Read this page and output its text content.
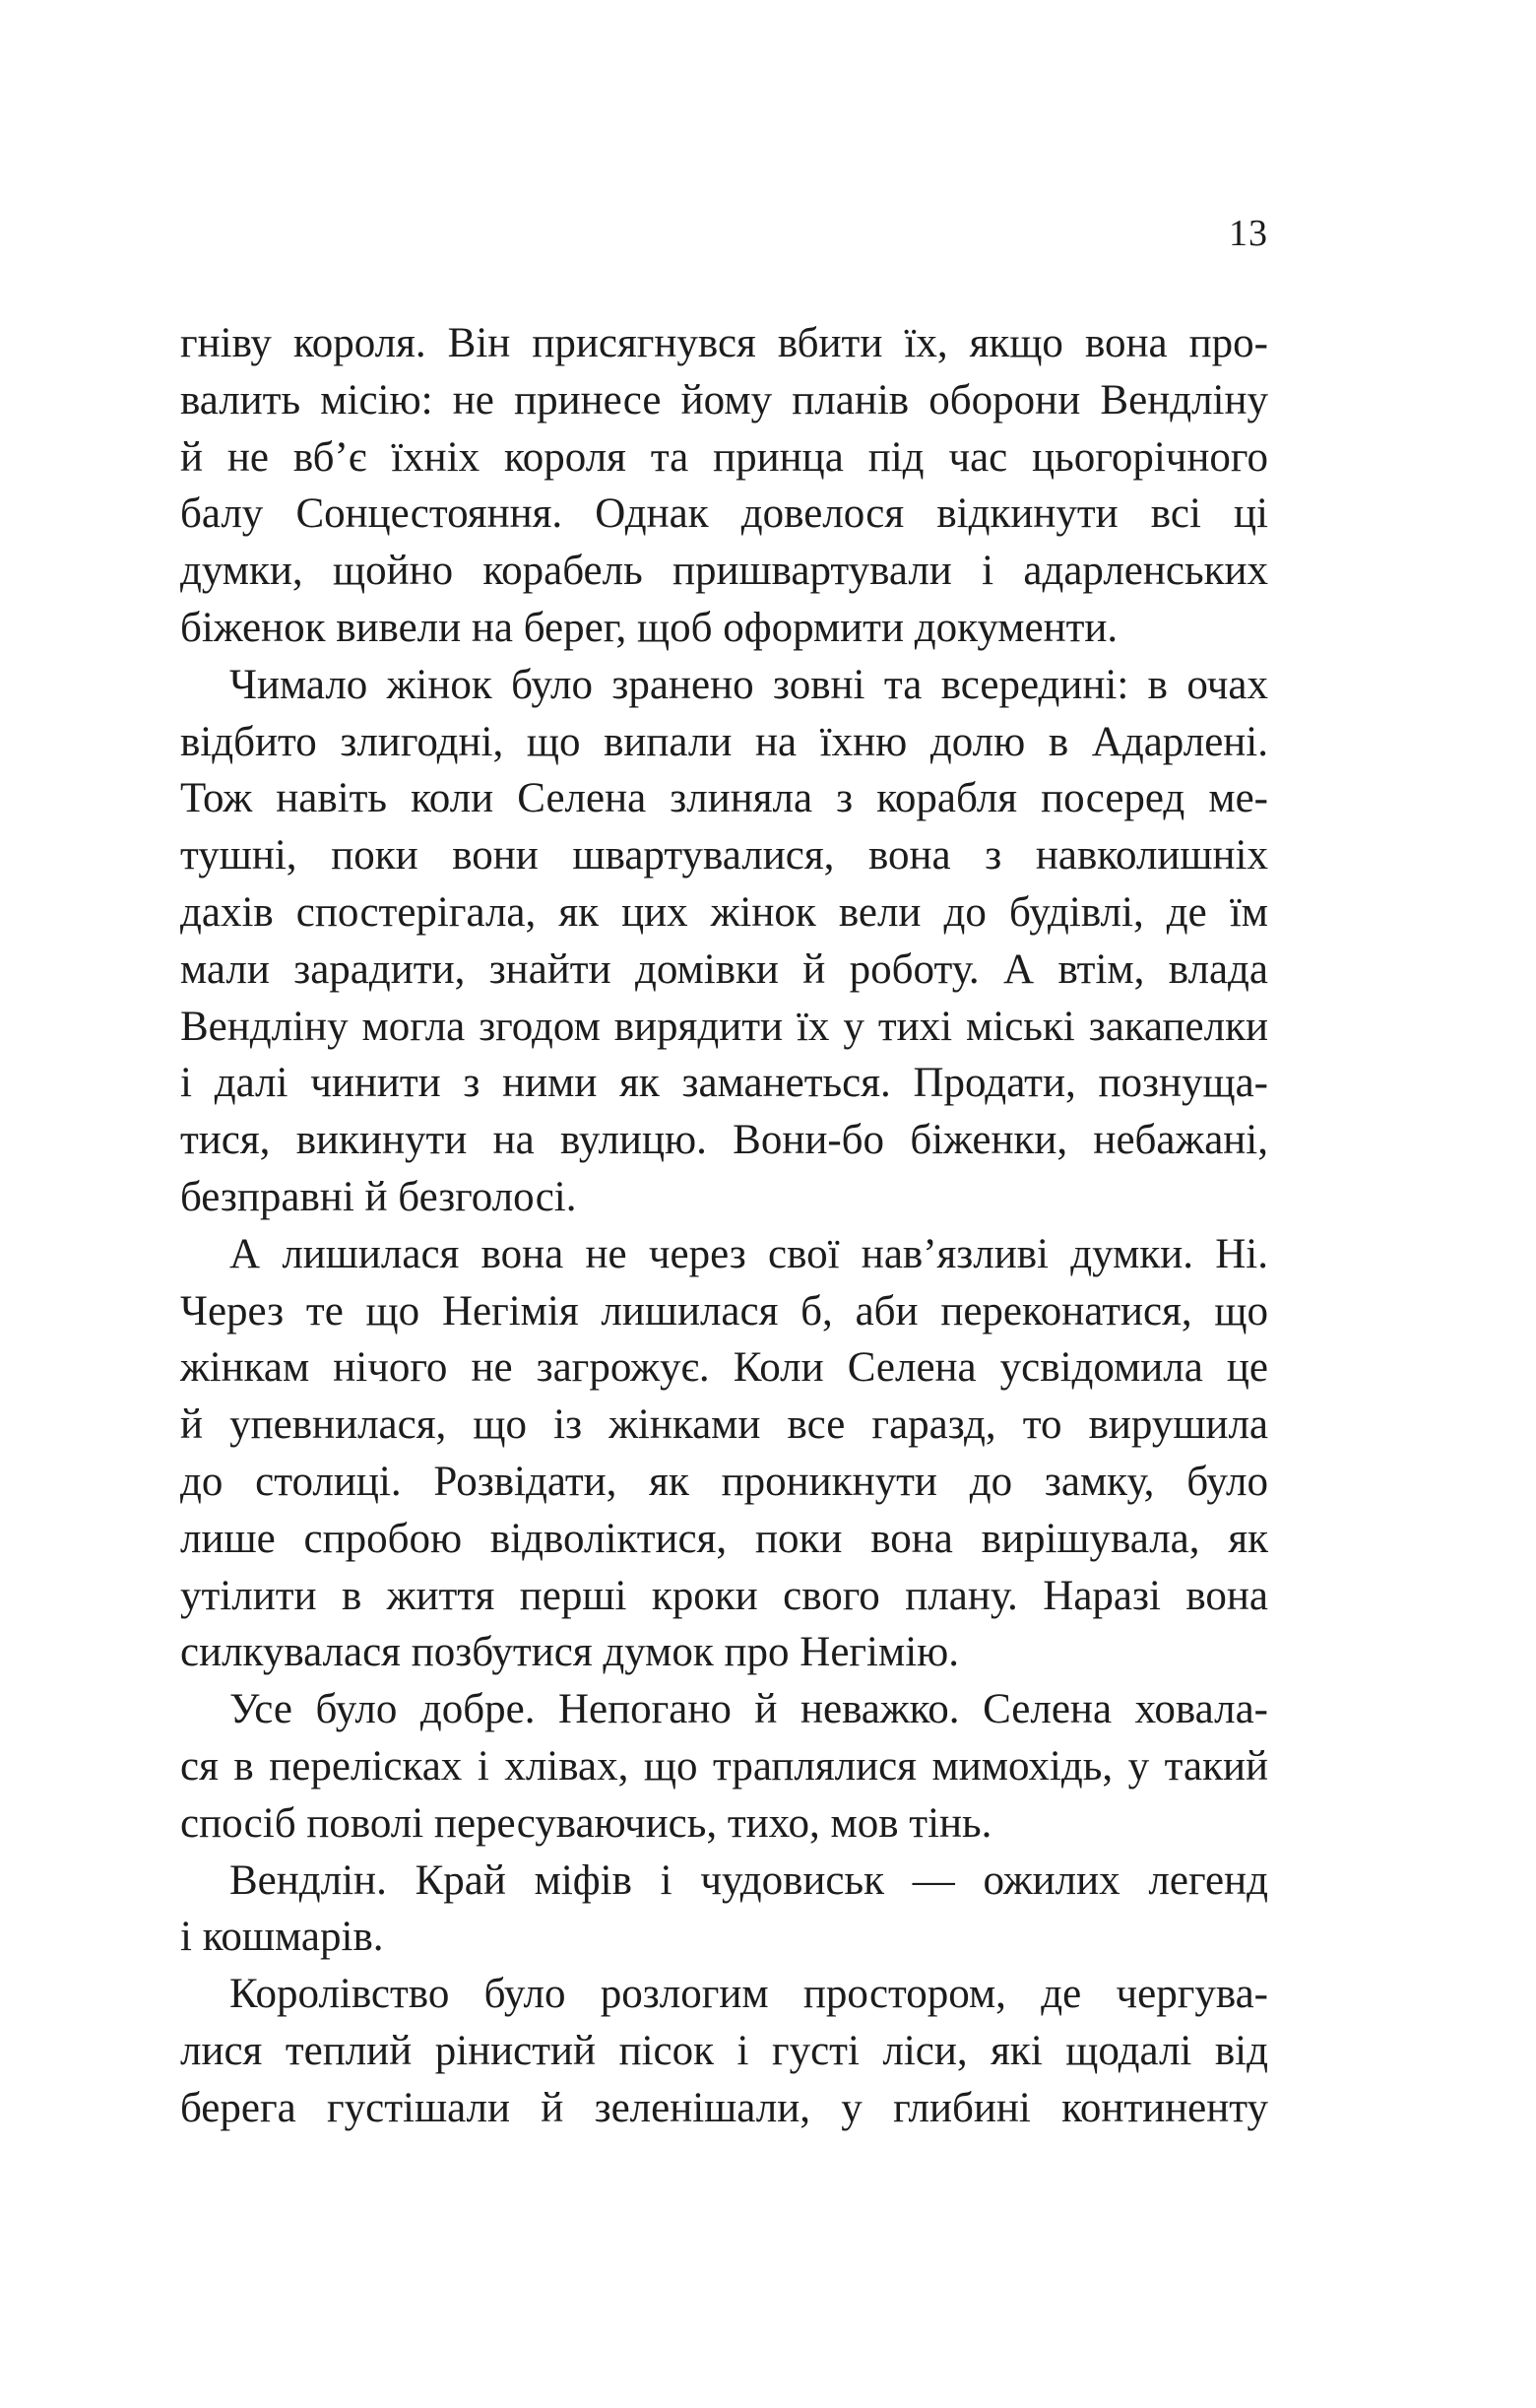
13
гніву короля. Він присягнувся вбити їх, якщо вона про-
валить місію: не принесе йому планів оборони Вендліну
й не вб’є їхніх короля та принца під час цьогорічного
балу Сонцестояння. Однак довелося відкинути всі ці
думки, щойно корабель пришвартували і адарленських
біженок вивели на берег, щоб оформити документи.
Чимало жінок було зранено зовні та всередині: в очах
відбито злигодні, що випали на їхню долю в Адарлені.
Тож навіть коли Селена злиняла з корабля посеред ме-
тушні, поки вони швартувалися, вона з навколишніх
дахів спостерігала, як цих жінок вели до будівлі, де їм
мали зарадити, знайти домівки й роботу. А втім, влада
Вендліну могла згодом вирядити їх у тихі міські закапелки
і далі чинити з ними як заманеться. Продати, познуща-
тися, викинути на вулицю. Вони-бо біженки, небажані,
безправні й безголосі.
А лишилася вона не через свої нав’язливі думки. Ні.
Через те що Негімія лишилася б, аби переконатися, що
жінкам нічого не загрожує. Коли Селена усвідомила це
й упевнилася, що із жінками все гаразд, то вирушила
до столиці. Розвідати, як проникнути до замку, було
лише спробою відволіктися, поки вона вирішувала, як
утілити в життя перші кроки свого плану. Наразі вона
силкувалася позбутися думок про Негімію.
Усе було добре. Непогано й неважко. Селена ховала-
ся в перелісках і хлівах, що траплялися мимохідь, у такий
спосіб поволі пересуваючись, тихо, мов тінь.
Вендлін. Край міфів і чудовиськ — ожилих легенд
і кошмарів.
Королівство було розлогим простором, де чергува-
лися теплий рінистий пісок і густі ліси, які щодалі від
берега густішали й зеленішали, у глибині континенту
